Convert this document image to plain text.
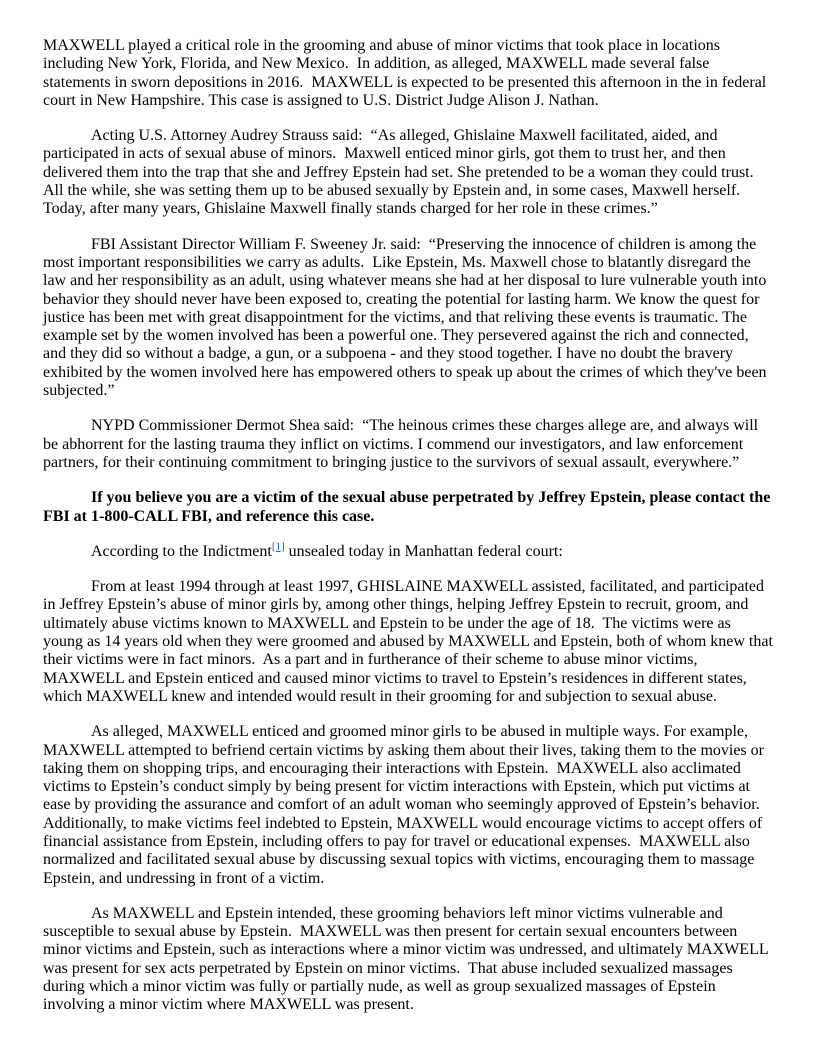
MAXWELL played a critical role in the grooming and abuse of minor victims that took place in locations including New York, Florida, and New Mexico.  In addition, as alleged, MAXWELL made several false statements in sworn depositions in 2016.  MAXWELL is expected to be presented this afternoon in the in federal court in New Hampshire. This case is assigned to U.S. District Judge Alison J. Nathan.

Acting U.S. Attorney Audrey Strauss said:  “As alleged, Ghislaine Maxwell facilitated, aided, and participated in acts of sexual abuse of minors.  Maxwell enticed minor girls, got them to trust her, and then delivered them into the trap that she and Jeffrey Epstein had set. She pretended to be a woman they could trust. All the while, she was setting them up to be abused sexually by Epstein and, in some cases, Maxwell herself. Today, after many years, Ghislaine Maxwell finally stands charged for her role in these crimes.”

FBI Assistant Director William F. Sweeney Jr. said:  “Preserving the innocence of children is among the most important responsibilities we carry as adults.  Like Epstein, Ms. Maxwell chose to blatantly disregard the law and her responsibility as an adult, using whatever means she had at her disposal to lure vulnerable youth into behavior they should never have been exposed to, creating the potential for lasting harm. We know the quest for justice has been met with great disappointment for the victims, and that reliving these events is traumatic. The example set by the women involved has been a powerful one. They persevered against the rich and connected, and they did so without a badge, a gun, or a subpoena - and they stood together. I have no doubt the bravery exhibited by the women involved here has empowered others to speak up about the crimes of which they've been subjected.”

NYPD Commissioner Dermot Shea said:  “The heinous crimes these charges allege are, and always will be abhorrent for the lasting trauma they inflict on victims. I commend our investigators, and law enforcement partners, for their continuing commitment to bringing justice to the survivors of sexual assault, everywhere.”

If you believe you are a victim of the sexual abuse perpetrated by Jeffrey Epstein, please contact the FBI at 1-800-CALL FBI, and reference this case.

According to the Indictment[1] unsealed today in Manhattan federal court:

From at least 1994 through at least 1997, GHISLAINE MAXWELL assisted, facilitated, and participated in Jeffrey Epstein’s abuse of minor girls by, among other things, helping Jeffrey Epstein to recruit, groom, and ultimately abuse victims known to MAXWELL and Epstein to be under the age of 18.  The victims were as young as 14 years old when they were groomed and abused by MAXWELL and Epstein, both of whom knew that their victims were in fact minors.  As a part and in furtherance of their scheme to abuse minor victims, MAXWELL and Epstein enticed and caused minor victims to travel to Epstein’s residences in different states, which MAXWELL knew and intended would result in their grooming for and subjection to sexual abuse.

As alleged, MAXWELL enticed and groomed minor girls to be abused in multiple ways. For example, MAXWELL attempted to befriend certain victims by asking them about their lives, taking them to the movies or taking them on shopping trips, and encouraging their interactions with Epstein.  MAXWELL also acclimated victims to Epstein’s conduct simply by being present for victim interactions with Epstein, which put victims at ease by providing the assurance and comfort of an adult woman who seemingly approved of Epstein’s behavior. Additionally, to make victims feel indebted to Epstein, MAXWELL would encourage victims to accept offers of financial assistance from Epstein, including offers to pay for travel or educational expenses.  MAXWELL also normalized and facilitated sexual abuse by discussing sexual topics with victims, encouraging them to massage Epstein, and undressing in front of a victim.

As MAXWELL and Epstein intended, these grooming behaviors left minor victims vulnerable and susceptible to sexual abuse by Epstein.  MAXWELL was then present for certain sexual encounters between minor victims and Epstein, such as interactions where a minor victim was undressed, and ultimately MAXWELL was present for sex acts perpetrated by Epstein on minor victims.  That abuse included sexualized massages during which a minor victim was fully or partially nude, as well as group sexualized massages of Epstein involving a minor victim where MAXWELL was present.
